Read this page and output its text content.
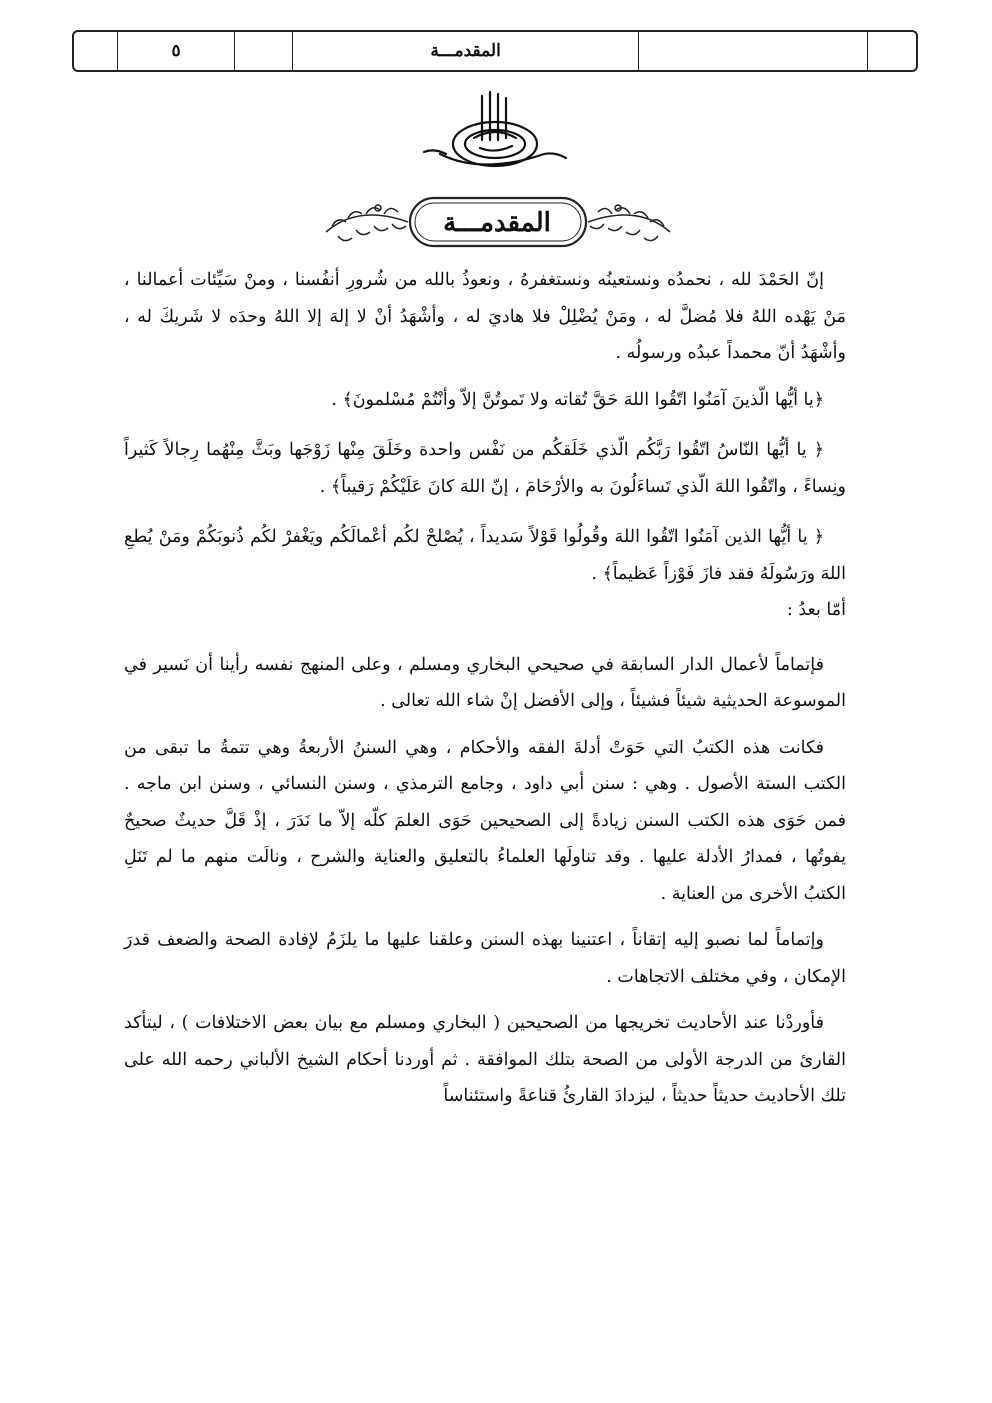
٥	المقدمـــة
المقدمـــة

إنّ الحَمْدَ لله ، نحمدُه ونستعينُه ونستغفرهُ ، ونعوذُ بالله من شُرورِ أنفُسنا ، ومنْ سَيِّئات أعمالنا ، مَنْ يَهْده اللهُ فلا مُضلَّ له ، ومَنْ يُضْلِلْ فلا هاديَ له ، وأشْهَدُ أنْ لا إلهَ إلا اللهُ وحدَه لا شَريكَ له ، وأشْهَدُ أنّ محمداً عبدُه ورسولُه .

﴿يا أيُّها الّذينَ آمَنُوا اتّقُوا اللهَ حَقَّ تُقاته ولا تَموتُنَّ إلاّ وأنْتُمْ مُسْلمونَ﴾ .

﴿ يا أيُّها النّاسُ اتّقُوا رَبَّكُم الّذي خَلَقكُم من نَفْس واحدة وخَلَقَ مِنْها زَوْجَها وبَثَّ مِنْهُما رِجالاً كَثيراً ونِساءً ، واتّقُوا اللهَ الّذي تَساءَلُونَ به والأرْحَامَ ، إنّ اللهَ كانَ عَلَيْكُمْ رَقيباً﴾ .

﴿ يا أيُّها الذين آمَنُوا اتّقُوا اللهَ وقُولُوا قَوْلاً سَديداً ، يُصْلحْ لكُم أعْمالَكُم ويَغْفرْ لكُم ذُنوبَكُمْ ومَنْ يُطعِ اللهَ ورَسُولَهُ فقد فازَ فَوْزاً عَظيماً﴾ .

أمّا بعدُ :

فإتماماً لأعمال الدار السابقة في صحيحي البخاري ومسلم ، وعلى المنهج نفسه رأينا أن نَسير في الموسوعة الحديثية شيئاً فشيئاً ، وإلى الأفضل إنْ شاء الله تعالى .

فكانت هذه الكتبُ التي حَوَتْ أدلةَ الفقه والأحكام ، وهي السننُ الأربعةُ وهي تتمةُ ما تبقى من الكتب الستة الأصول . وهي : سنن أبي داود ، وجامع الترمذي ، وسنن النسائي ، وسنن ابن ماجه . فمن حَوَى هذه الكتب السنن زيادةً إلى الصحيحين حَوَى العلمَ كلّه إلاّ ما نَدَرَ ، إذْ قَلَّ حديثٌ صحيحٌ يفوتُها ، فمدارُ الأدلة عليها . وقد تناولَها العلماءُ بالتعليق والعناية والشرح ، ونالَت منهم ما لم تَنَلِ الكتبُ الأخرى من العناية .

وإتماماً لما نصبو إليه إتقاناً ، اعتنينا بهذه السنن وعلقنا عليها ما يلزَمُ لإفادة الصحة والضعف قدرَ الإمكان ، وفي مختلف الاتجاهات .

فأوردْنا عند الأحاديث تخريجها من الصحيحين ( البخاري ومسلم مع بيان بعض الاختلافات ) ، ليتأكد القارئ من الدرجة الأولى من الصحة بتلك الموافقة . ثم أوردنا أحكام الشيخ الألباني رحمه الله على تلك الأحاديث حديثاً حديثاً ، ليزدادَ القارئُ قناعةً واستئناساً
